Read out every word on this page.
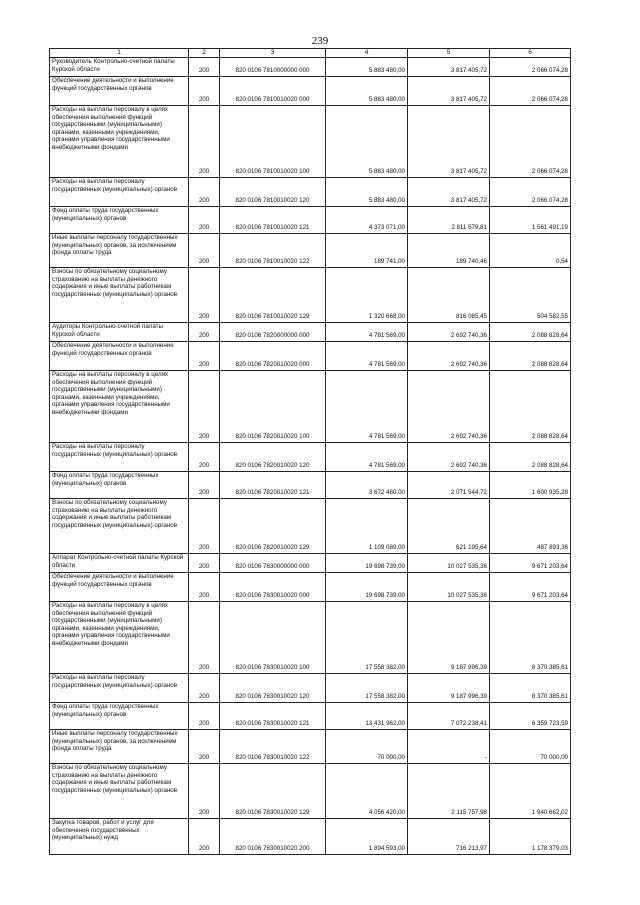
239
1	2	3	4	5	6
Руководитель Контрольно-счетной палаты Курской области	200	820 0106 7810000000 000	5 883 480,00	3 817 405,72	2 066 074,28
Обеспечение деятельности и выполнение функций государственных органов	200	820 0106 7810010020 000	5 883 480,00	3 817 405,72	2 066 074,28
Расходы на выплаты персоналу в целях обеспечения выполнения функций государственными (муниципальными) органами, казенными учреждениями, органами управления государственными внебюджетными фондами	200	820 0106 7810010020 100	5 883 480,00	3 817 405,72	2 066 074,28
Расходы на выплаты персоналу государственных (муниципальных) органов	200	820 0106 7810010020 120	5 883 480,00	3 817 405,72	2 066 074,28
Фонд оплаты труда государственных (муниципальных) органов	200	820 0106 7810010020 121	4 373 071,00	2 811 579,81	1 561 491,19
Иные выплаты персоналу государственных (муниципальных) органов, за исключением фонда оплаты труда	200	820 0106 7810010020 122	189 741,00	189 740,46	0,54
Взносы по обязательному социальному страхованию на выплаты денежного содержания и иные выплаты работникам государственных (муниципальных) органов	200	820 0106 7810010020 129	1 320 668,00	816 085,45	504 582,55
Аудиторы Контрольно-счетной палаты Курской области	200	820 0106 7820000000 000	4 781 569,00	2 692 740,36	2 088 828,64
Обеспечение деятельности и выполнение функций государственных органов	200	820 0106 7820010020 000	4 781 569,00	2 692 740,36	2 088 828,64
Расходы на выплаты персоналу в целях обеспечения выполнения функций государственными (муниципальными) органами, казенными учреждениями, органами управления государственными внебюджетными фондами	200	820 0106 7820010020 100	4 781 569,00	2 692 740,36	2 088 828,64
Расходы на выплаты персоналу государственных (муниципальных) органов	200	820 0106 7820010020 120	4 781 569,00	2 692 740,36	2 088 828,64
Фонд оплаты труда государственных (муниципальных) органов	200	820 0106 7820010020 121	3 672 480,00	2 071 544,72	1 600 935,28
Взносы по обязательному социальному страхованию на выплаты денежного содержания и иные выплаты работникам государственных (муниципальных) органов	200	820 0106 7820010020 129	1 109 089,00	621 195,64	487 893,36
Аппарат Контрольно-счетной палаты Курской области	200	820 0106 7830000000 000	19 698 739,00	10 027 535,36	9 671 203,64
Обеспечение деятельности и выполнение функций государственных органов	200	820 0106 7830010020 000	19 698 739,00	10 027 535,36	9 671 203,64
Расходы на выплаты персоналу в целях обеспечения выполнения функций государственными (муниципальными) органами, казенными учреждениями, органами управления государственными внебюджетными фондами	200	820 0106 7830010020 100	17 558 382,00	9 187 996,39	8 370 385,61
Расходы на выплаты персоналу государственных (муниципальных) органов	200	820 0106 7830010020 120	17 558 382,00	9 187 996,39	8 370 385,61
Фонд оплаты труда государственных (муниципальных) органов	200	820 0106 7830010020 121	13 431 962,00	7 072 238,41	6 359 723,59
Иные выплаты персоналу государственных (муниципальных) органов, за исключением фонда оплаты труда	200	820 0106 7830010020 122	70 000,00	-	70 000,00
Взносы по обязательному социальному страхованию на выплаты денежного содержания и иные выплаты работникам государственных (муниципальных) органов	200	820 0106 7830010020 129	4 056 420,00	2 115 757,98	1 940 662,02
Закупка товаров, работ и услуг для обеспечения государственных (муниципальных) нужд	200	820 0106 7830010020 200	1 894 593,00	716 213,97	1 178 379,03
